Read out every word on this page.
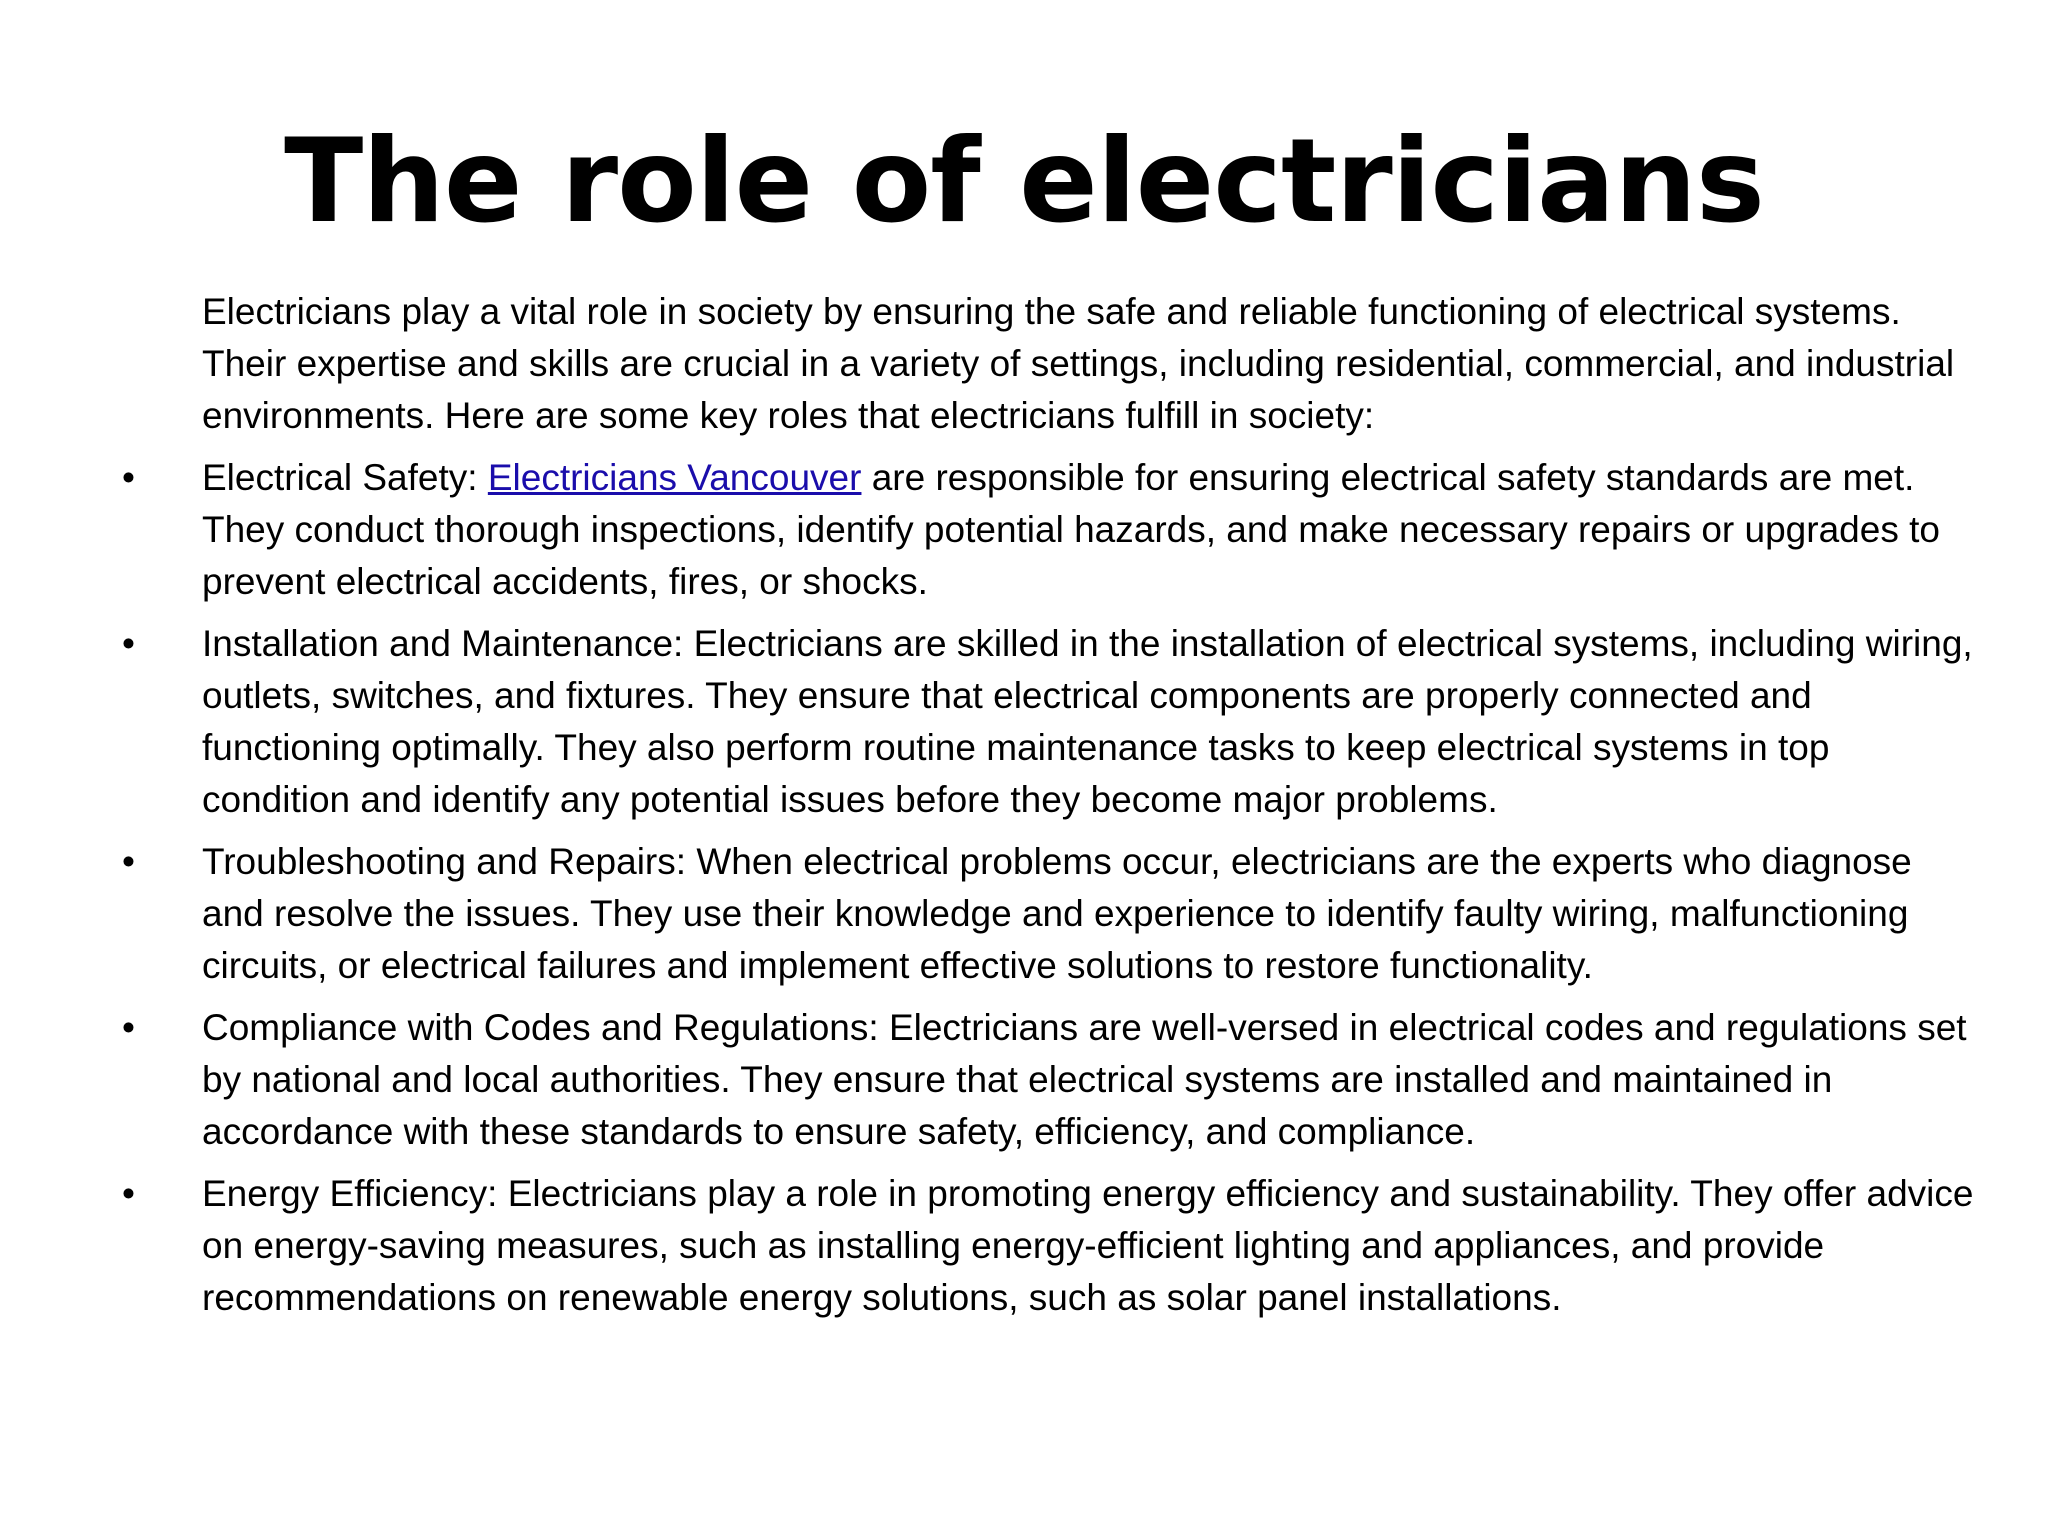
The role of electricians

Electricians play a vital role in society by ensuring the safe and reliable functioning of electrical systems. Their expertise and skills are crucial in a variety of settings, including residential, commercial, and industrial environments. Here are some key roles that electricians fulfill in society:

• Electrical Safety: Electricians Vancouver are responsible for ensuring electrical safety standards are met. They conduct thorough inspections, identify potential hazards, and make necessary repairs or upgrades to prevent electrical accidents, fires, or shocks.
• Installation and Maintenance: Electricians are skilled in the installation of electrical systems, including wiring, outlets, switches, and fixtures. They ensure that electrical components are properly connected and functioning optimally. They also perform routine maintenance tasks to keep electrical systems in top condition and identify any potential issues before they become major problems.
• Troubleshooting and Repairs: When electrical problems occur, electricians are the experts who diagnose and resolve the issues. They use their knowledge and experience to identify faulty wiring, malfunctioning circuits, or electrical failures and implement effective solutions to restore functionality.
• Compliance with Codes and Regulations: Electricians are well-versed in electrical codes and regulations set by national and local authorities. They ensure that electrical systems are installed and maintained in accordance with these standards to ensure safety, efficiency, and compliance.
• Energy Efficiency: Electricians play a role in promoting energy efficiency and sustainability. They offer advice on energy-saving measures, such as installing energy-efficient lighting and appliances, and provide recommendations on renewable energy solutions, such as solar panel installations.
